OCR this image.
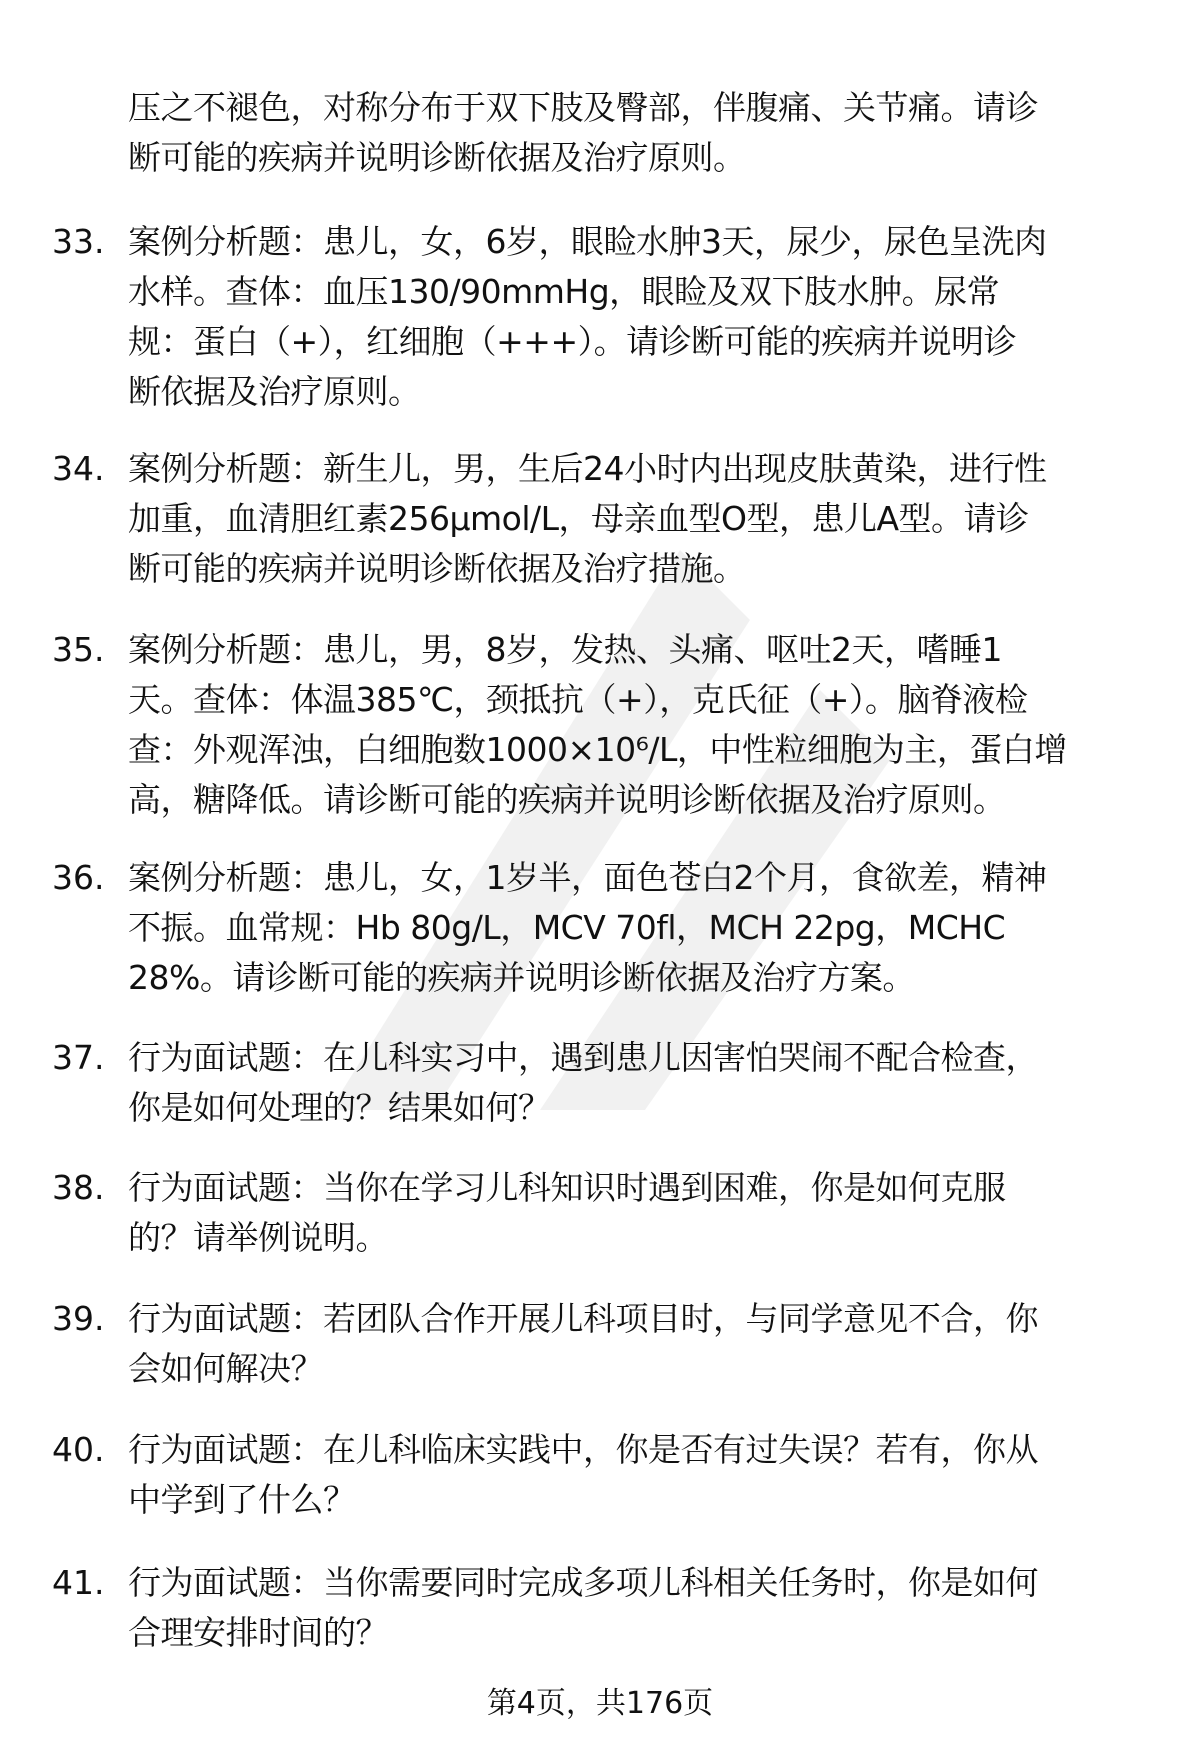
压之不褪色，对称分布于双下肢及臀部，伴腹痛、关节痛。请诊
断可能的疾病并说明诊断依据及治疗原则。
33. 案例分析题：患儿，女，6岁，眼睑水肿3天，尿少，尿色呈洗肉
水样。查体：血压130/90mmHg，眼睑及双下肢水肿。尿常
规：蛋白（+），红细胞（+++）。请诊断可能的疾病并说明诊
断依据及治疗原则。
34. 案例分析题：新生儿，男，生后24小时内出现皮肤黄染，进行性
加重，血清胆红素256μmol/L，母亲血型O型，患儿A型。请诊
断可能的疾病并说明诊断依据及治疗措施。
35. 案例分析题：患儿，男，8岁，发热、头痛、呕吐2天，嗜睡1
天。查体：体温385℃，颈抵抗（+），克氏征（+）。脑脊液检
查：外观浑浊，白细胞数1000×10⁶/L，中性粒细胞为主，蛋白增
高，糖降低。请诊断可能的疾病并说明诊断依据及治疗原则。
36. 案例分析题：患儿，女，1岁半，面色苍白2个月，食欲差，精神
不振。血常规：Hb 80g/L，MCV 70fl，MCH 22pg，MCHC
28%。请诊断可能的疾病并说明诊断依据及治疗方案。
37. 行为面试题：在儿科实习中，遇到患儿因害怕哭闹不配合检查，
你是如何处理的？结果如何？
38. 行为面试题：当你在学习儿科知识时遇到困难，你是如何克服
的？请举例说明。
39. 行为面试题：若团队合作开展儿科项目时，与同学意见不合，你
会如何解决？
40. 行为面试题：在儿科临床实践中，你是否有过失误？若有，你从
中学到了什么？
41. 行为面试题：当你需要同时完成多项儿科相关任务时，你是如何
合理安排时间的？
第4页，共176页
